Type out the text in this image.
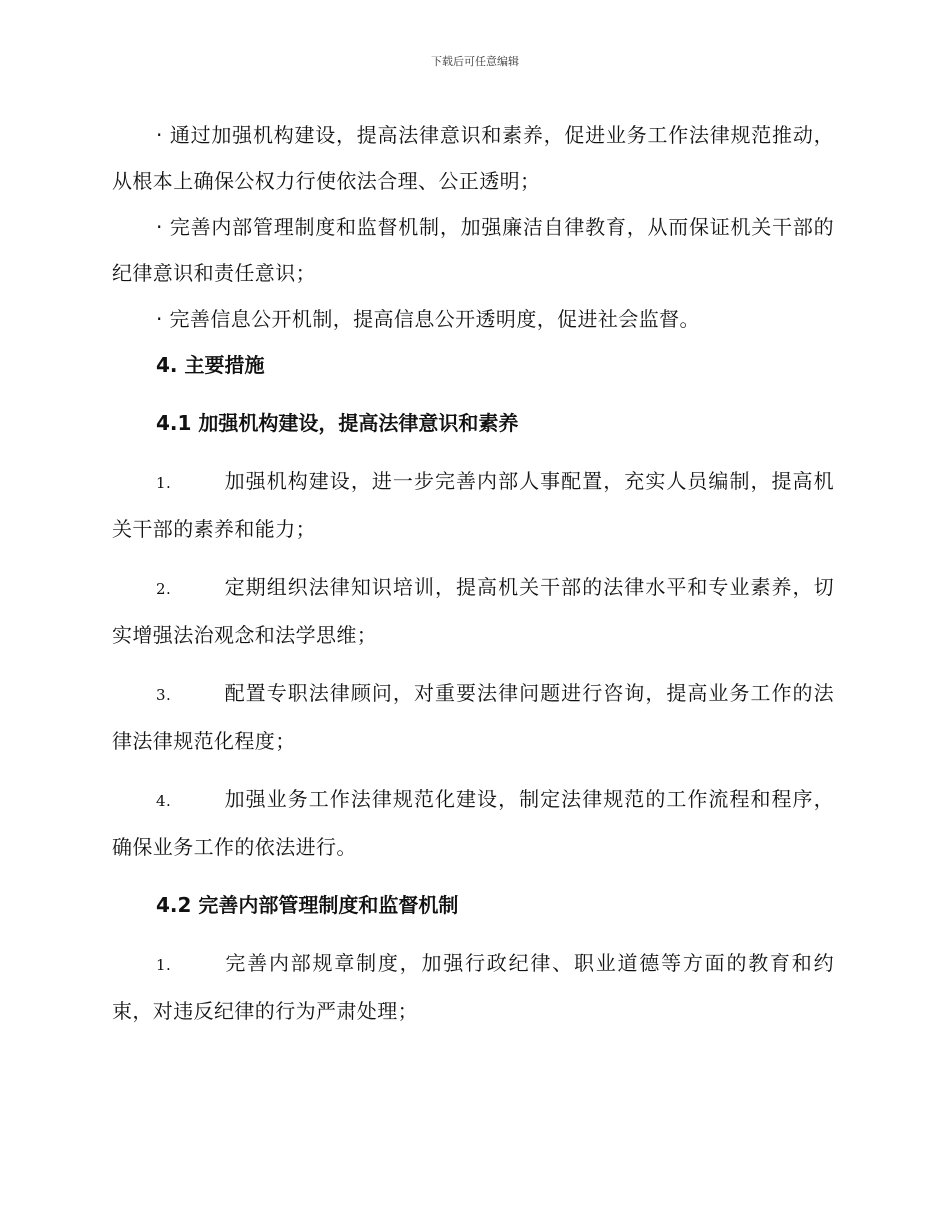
下载后可任意编辑

· 通过加强机构建设，提高法律意识和素养，促进业务工作法律规范推动，从根本上确保公权力行使依法合理、公正透明；

· 完善内部管理制度和监督机制，加强廉洁自律教育，从而保证机关干部的纪律意识和责任意识；

· 完善信息公开机制，提高信息公开透明度，促进社会监督。

4. 主要措施
4.1 加强机构建设，提高法律意识和素养
1.	加强机构建设，进一步完善内部人事配置，充实人员编制，提高机关干部的素养和能力；
2.	定期组织法律知识培训，提高机关干部的法律水平和专业素养，切实增强法治观念和法学思维；
3.	配置专职法律顾问，对重要法律问题进行咨询，提高业务工作的法律法律规范化程度；
4.	加强业务工作法律规范化建设，制定法律规范的工作流程和程序，确保业务工作的依法进行。
4.2 完善内部管理制度和监督机制
1.	完善内部规章制度，加强行政纪律、职业道德等方面的教育和约束，对违反纪律的行为严肃处理；
